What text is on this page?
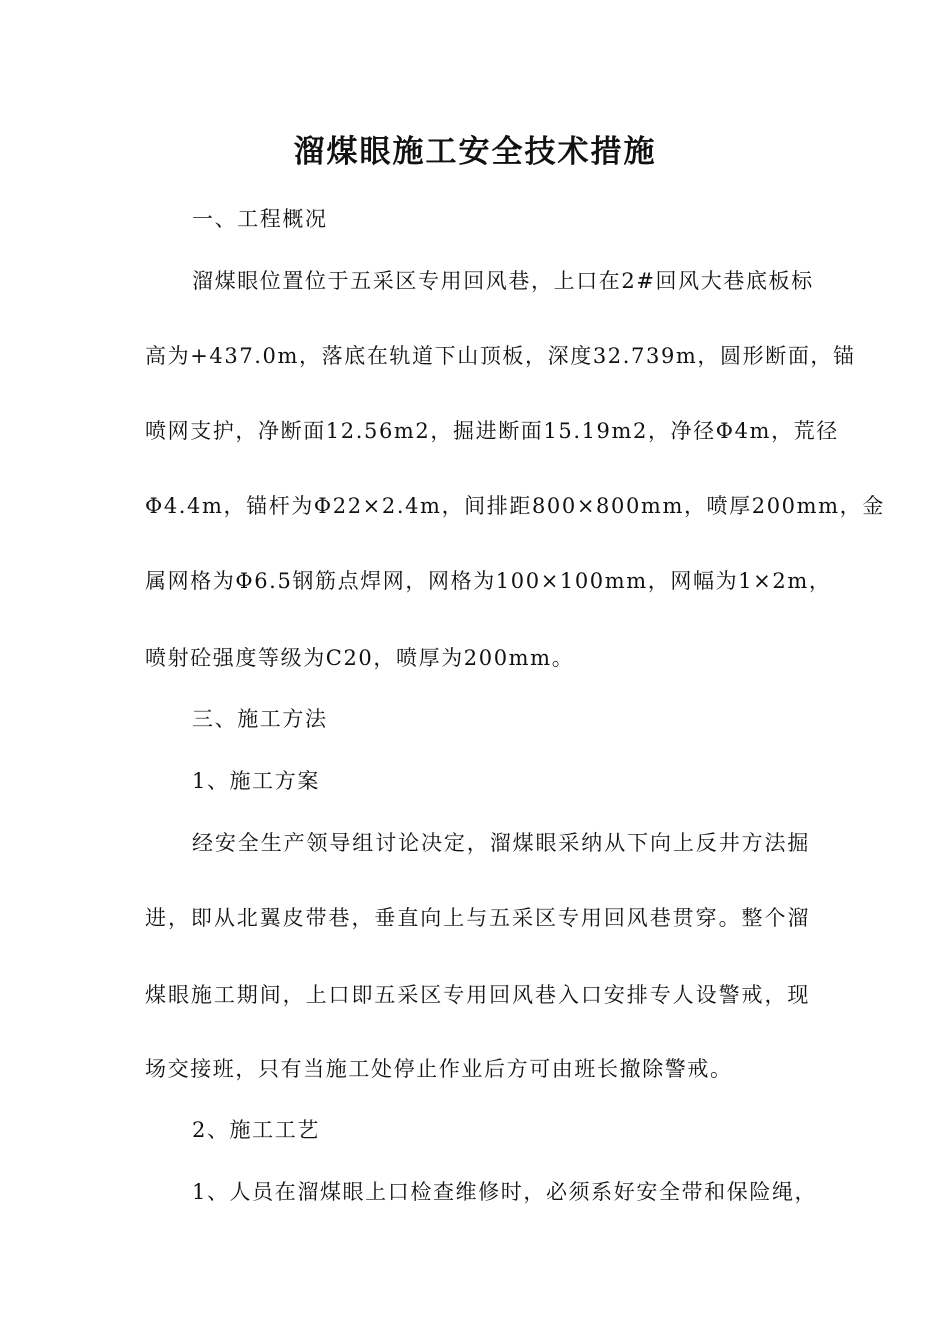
溜煤眼施工安全技术措施
一、工程概况
溜煤眼位置位于五采区专用回风巷，上口在2#回风大巷底板标
高为+437.0m，落底在轨道下山顶板，深度32.739m，圆形断面，锚
喷网支护，净断面12.56m2，掘进断面15.19m2，净径Φ4m，荒径
Φ4.4m，锚杆为Φ22×2.4m，间排距800×800mm，喷厚200mm，金
属网格为Φ6.5钢筋点焊网，网格为100×100mm，网幅为1×2m，
喷射砼强度等级为C20，喷厚为200mm。
三、施工方法
1、施工方案
经安全生产领导组讨论决定，溜煤眼采纳从下向上反井方法掘
进，即从北翼皮带巷，垂直向上与五采区专用回风巷贯穿。整个溜
煤眼施工期间，上口即五采区专用回风巷入口安排专人设警戒，现
场交接班，只有当施工处停止作业后方可由班长撤除警戒。
2、施工工艺
1、人员在溜煤眼上口检查维修时，必须系好安全带和保险绳，
